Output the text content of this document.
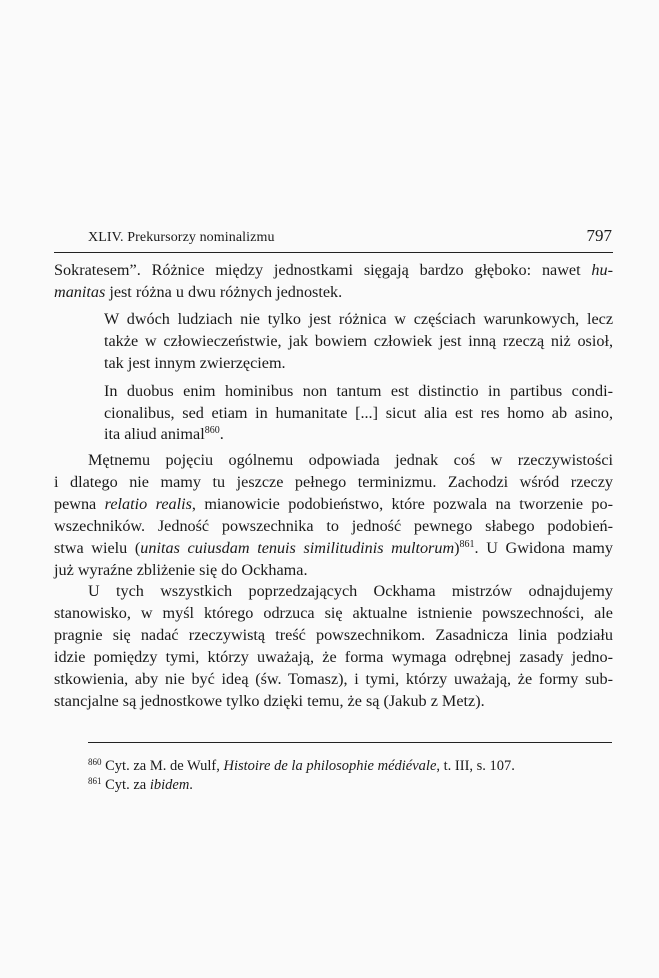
XLIV. Prekursorzy nominalizmu	797
Sokratesem”. Różnice między jednostkami sięgają bardzo głęboko: nawet hu-
manitas jest różna u dwu różnych jednostek.
W dwóch ludziach nie tylko jest różnica w częściach warunkowych, lecz
także w człowieczeństwie, jak bowiem człowiek jest inną rzeczą niż osioł,
tak jest innym zwierzęciem.
In duobus enim hominibus non tantum est distinctio in partibus condi-
cionalibus, sed etiam in humanitate [...] sicut alia est res homo ab asino,
ita aliud animal$^{860}$.
Mętnemu pojęciu ogólnemu odpowiada jednak coś w rzeczywistości
i dlatego nie mamy tu jeszcze pełnego terminizmu. Zachodzi wśród rzeczy
pewna relatio realis, mianowicie podobieństwo, które pozwala na tworzenie po-
wszechników. Jedność powszechnika to jedność pewnego słabego podobień-
stwa wielu (unitas cuiusdam tenuis similitudinis multorum)$^{861}$. U Gwidona mamy
już wyraźne zbliżenie się do Ockhama.
U tych wszystkich poprzedzających Ockhama mistrzów odnajdujemy
stanowisko, w myśl którego odrzuca się aktualne istnienie powszechności, ale
pragnie się nadać rzeczywistą treść powszechnikom. Zasadnicza linia podziału
idzie pomiędzy tymi, którzy uważają, że forma wymaga odrębnej zasady jedno-
stkowienia, aby nie być ideą (św. Tomasz), i tymi, którzy uważają, że formy sub-
stancjalne są jednostkowe tylko dzięki temu, że są (Jakub z Metz).
$^{860}$ Cyt. za M. de Wulf, Histoire de la philosophie médiévale, t. III, s. 107.
$^{861}$ Cyt. za ibidem.
